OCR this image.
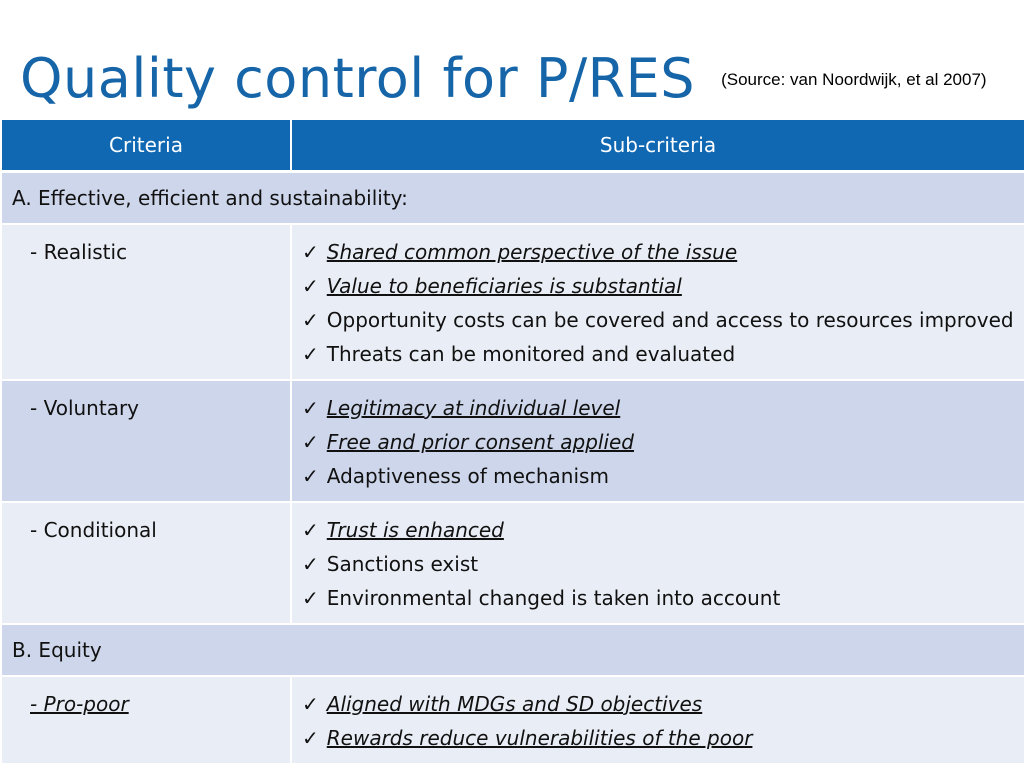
Quality control for P/RES (Source: van Noordwijk, et al 2007)
Criteria	Sub-criteria
A. Effective, efficient and sustainability:	
- Realistic	✓ Shared common perspective of the issue
✓ Value to beneficiaries is substantial
✓ Opportunity costs can be covered and access to resources improved
✓ Threats can be monitored and evaluated

- Voluntary	✓ Legitimacy at individual level
✓ Free and prior consent applied
✓ Adaptiveness of mechanism

- Conditional	✓ Trust is enhanced
✓ Sanctions exist
✓ Environmental changed is taken into account

B. Equity	
- Pro-poor	✓ Aligned with MDGs and SD objectives
✓ Rewards reduce vulnerabilities of the poor
